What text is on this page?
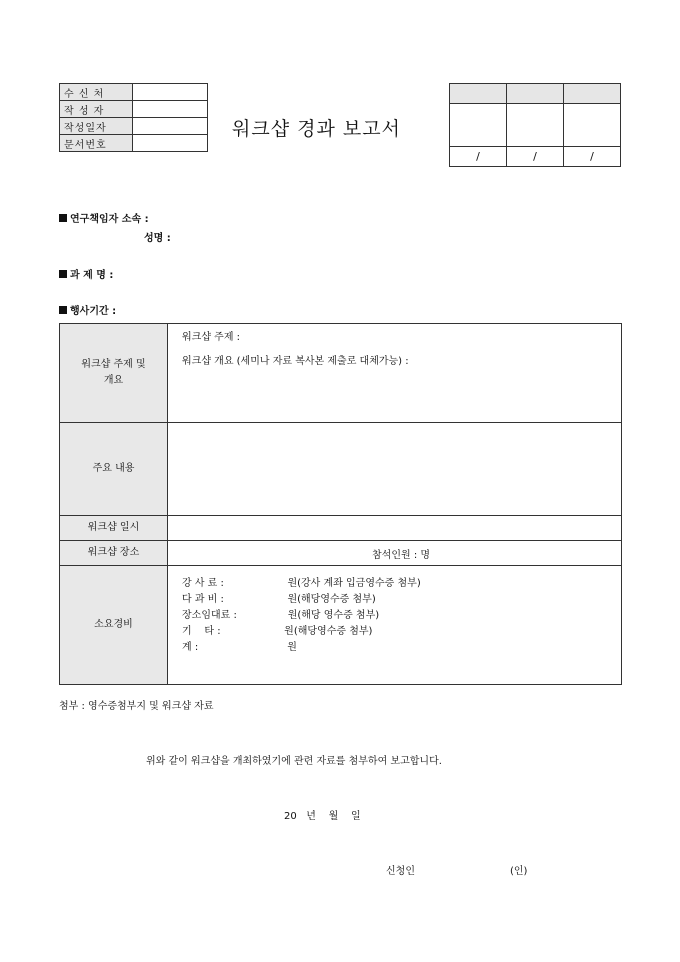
수 신 처	
작 성 자	
작성일자	
문서번호	
워크샵 경과 보고서

/	/	/
연구책임자 소속 :
성명 :
과 제 명 :
행사기간 :
워크샵 주제 및
개요	워크샵 주제 :
워크샵 개요 (세미나 자료 복사본 제출로 대체가능) :

주요 내용	
워크샵 일시	
워크샵 장소	참석인원 : 명
소요경비	강 사 료 :                    원(강사 계좌 입금영수증 첨부)
다 과 비 :                    원(해당영수증 첨부)
장소임대료 :                원(해당 영수증 첨부)
기    타 :                    원(해당영수증 첨부)
계 :                            원
첨부 : 영수증첨부지 및 워크샵 자료
위와 같이 워크샵을 개최하였기에 관련 자료를 첨부하여 보고합니다.
20   년    월    일
신청인	(인)
